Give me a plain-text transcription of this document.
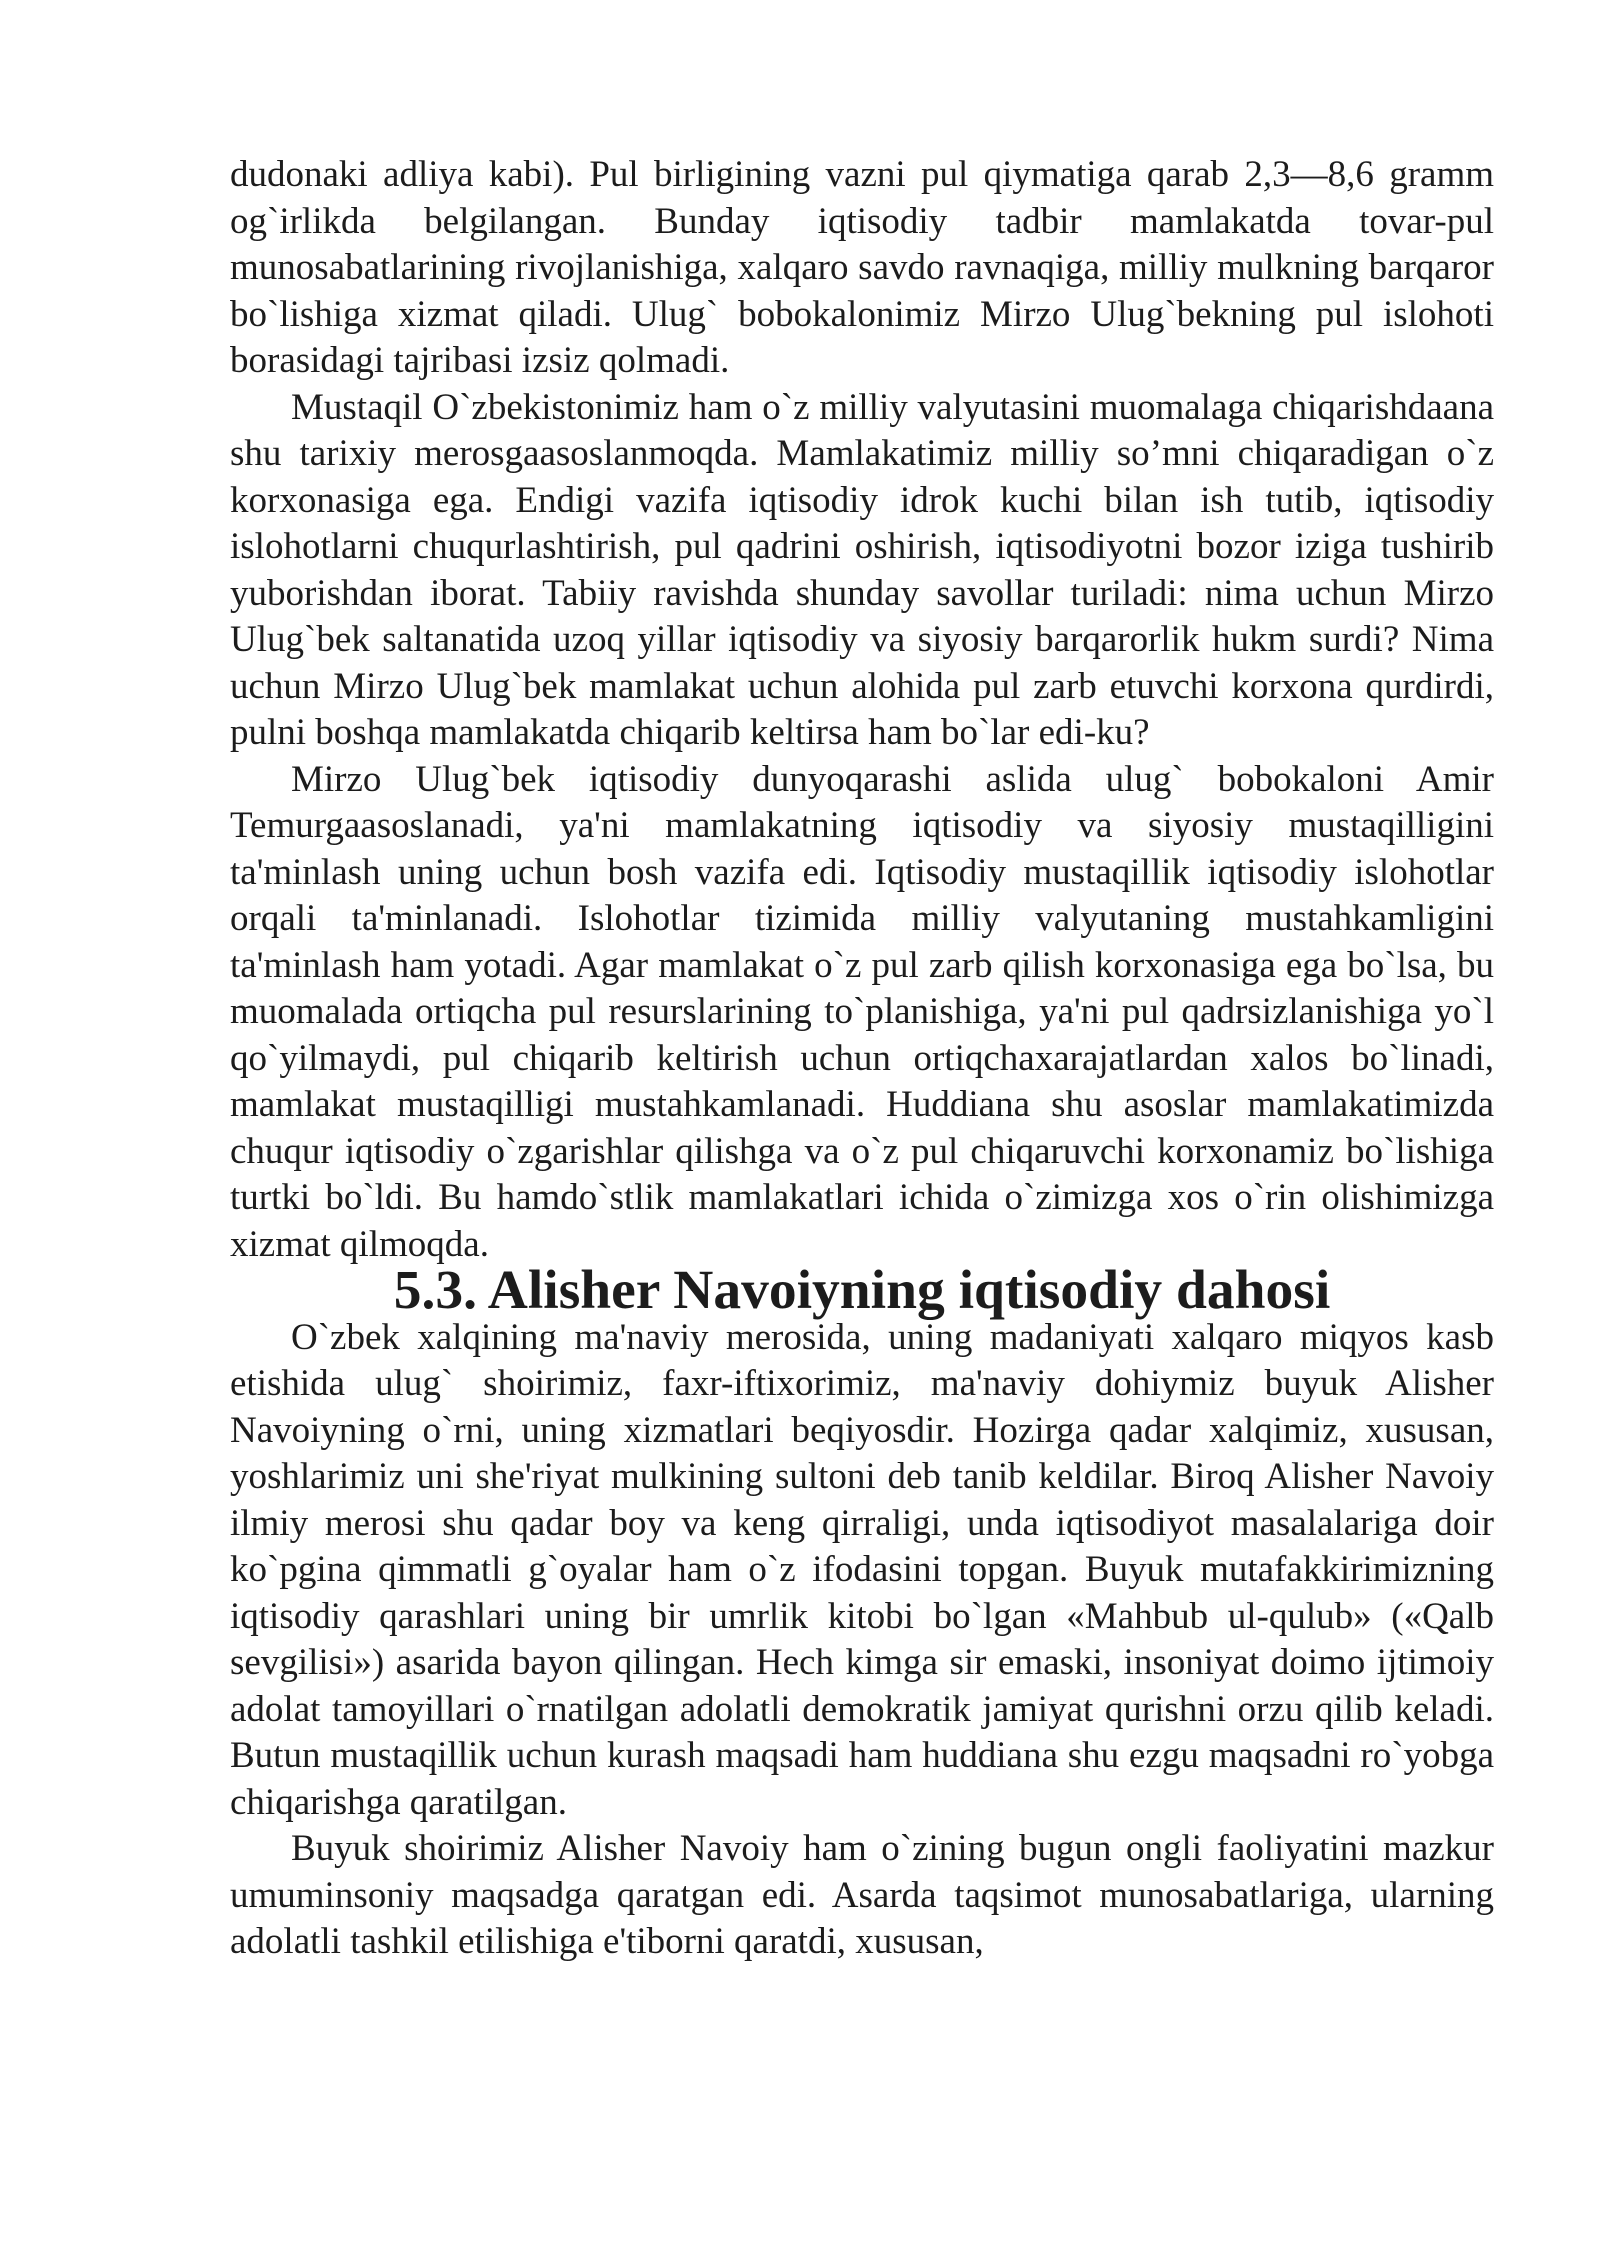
dudonaki adliya kabi). Pul birligining vazni pul qiymatiga qarab 2,3—8,6 gramm og`irlikda belgilangan. Bunday iqtisodiy tadbir mamlakatda tovar-pul munosabatlarining rivojlanishiga, xalqaro savdo ravnaqiga, milliy mulkning barqaror bo`lishiga xizmat qiladi. Ulug` bobokalonimiz Mirzo Ulug`bekning pul islohoti borasidagi tajribasi izsiz qolmadi.

Mustaqil O`zbekistonimiz ham o`z milliy valyutasini muomalaga chiqarishdaana shu tarixiy merosgaasoslanmoqda. Mamlakatimiz milliy so’mni chiqaradigan o`z korxonasiga ega. Endigi vazifa iqtisodiy idrok kuchi bilan ish tutib, iqtisodiy islohotlarni chuqurlashtirish, pul qadrini oshirish, iqtisodiyotni bozor iziga tushirib yuborishdan iborat. Tabiiy ravishda shunday savollar turiladi: nima uchun Mirzo Ulug`bek saltanatida uzoq yillar iqtisodiy va siyosiy barqarorlik hukm surdi? Nima uchun Mirzo Ulug`bek mamlakat uchun alohida pul zarb etuvchi korxona qurdirdi, pulni boshqa mamlakatda chiqarib keltirsa ham bo`lar edi-ku?

Mirzo Ulug`bek iqtisodiy dunyoqarashi aslida ulug` bobokaloni Amir Temurgaasoslanadi, ya'ni mamlakatning iqtisodiy va siyosiy mustaqilligini ta'minlash uning uchun bosh vazifa edi. Iqtisodiy mustaqillik iqtisodiy islohotlar orqali ta'minlanadi. Islohotlar tizimida milliy valyutaning mustahkamligini ta'minlash ham yotadi. Agar mamlakat o`z pul zarb qilish korxonasiga ega bo`lsa, bu muomalada ortiqcha pul resurslarining to`planishiga, ya'ni pul qadrsizlanishiga yo`l qo`yilmaydi, pul chiqarib keltirish uchun ortiqchaxarajatlardan xalos bo`linadi, mamlakat mustaqilligi mustahkamlanadi. Huddiana shu asoslar mamlakatimizda chuqur iqtisodiy o`zgarishlar qilishga va o`z pul chiqaruvchi korxonamiz bo`lishiga turtki bo`ldi. Bu hamdo`stlik mamlakatlari ichida o`zimizga xos o`rin olishimizga xizmat qilmoqda.

5.3. Alisher Navoiyning iqtisodiy dahosi

O`zbek xalqining ma'naviy merosida, uning madaniyati xalqaro miqyos kasb etishida ulug` shoirimiz, faxr-iftixorimiz, ma'naviy dohiymiz buyuk Alisher Navoiyning o`rni, uning xizmatlari beqiyosdir. Hozirga qadar xalqimiz, xususan, yoshlarimiz uni she'riyat mulkining sultoni deb tanib keldilar. Biroq Alisher Navoiy ilmiy merosi shu qadar boy va keng qirraligi, unda iqtisodiyot masalalariga doir ko`pgina qimmatli g`oyalar ham o`z ifodasini topgan. Buyuk mutafakkirimizning iqtisodiy qarashlari uning bir umrlik kitobi bo`lgan «Mahbub ul-qulub» («Qalb sevgilisi») asarida bayon qilingan. Hech kimga sir emaski, insoniyat doimo ijtimoiy adolat tamoyillari o`rnatilgan adolatli demokratik jamiyat qurishni orzu qilib keladi. Butun mustaqillik uchun kurash maqsadi ham huddiana shu ezgu maqsadni ro`yobga chiqarishga qaratilgan.

Buyuk shoirimiz Alisher Navoiy ham o`zining bugun ongli faoliyatini mazkur umuminsoniy maqsadga qaratgan edi. Asarda taqsimot munosabatlariga, ularning adolatli tashkil etilishiga e'tiborni qaratdi, xususan,
